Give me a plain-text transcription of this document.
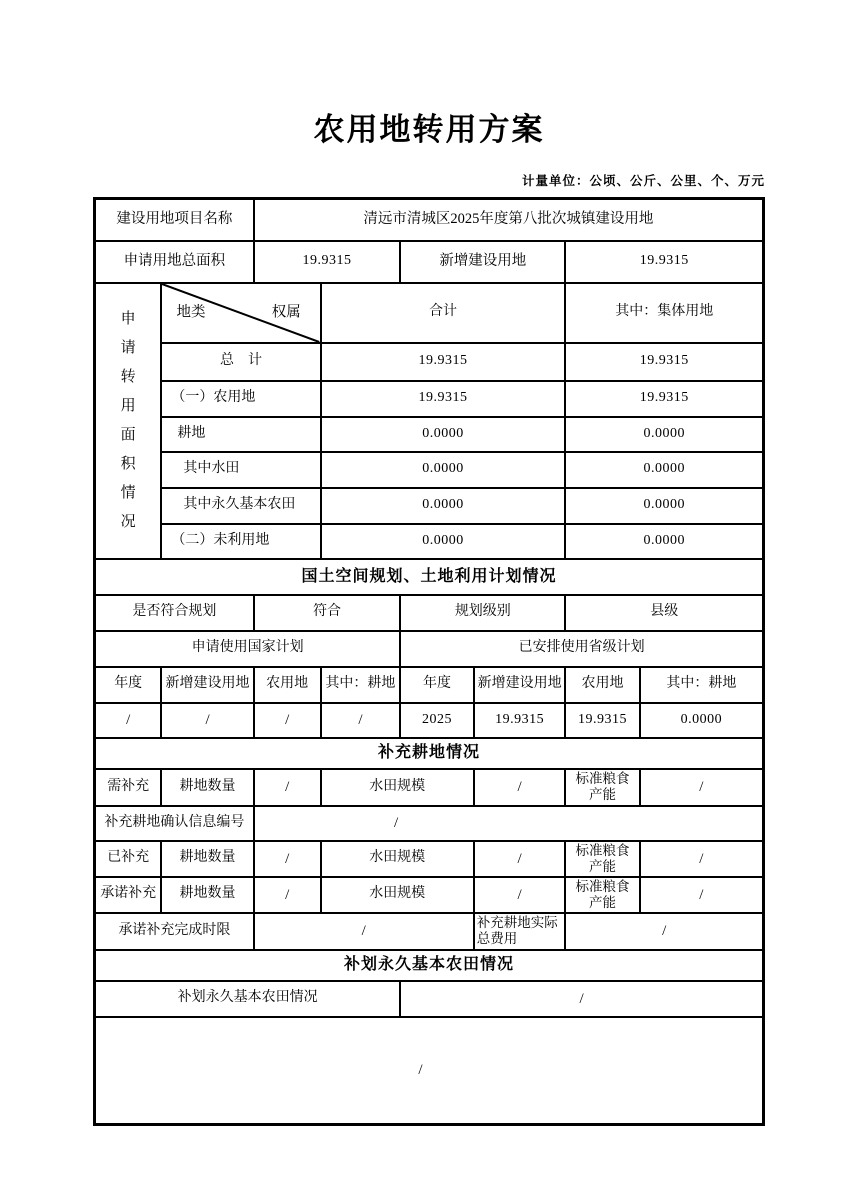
农用地转用方案
计量单位：公顷、公斤、公里、个、万元
建设用地项目名称		清远市清城区2025年度第八批次城镇建设用地					
申请用地总面积		19.9315		新增建设用地		19.9315	
申请转用面积情况	地类 权属		合计			其中：集体用地	
	总　计		19.9315			19.9315	
	（一）农用地		19.9315			19.9315	
	耕地		0.0000			0.0000	
	其中水田		0.0000			0.0000	
	其中永久基本农田		0.0000			0.0000	
	（二）未利用地		0.0000			0.0000	
国土空间规划、土地利用计划情况							
是否符合规划		符合		规划级别		县级	
申请使用国家计划				已安排使用省级计划			
年度	新增建设用地	农用地	其中：耕地	年度	新增建设用地	农用地	其中：耕地
/	/	/	/	2025	19.9315	19.9315	0.0000
补充耕地情况							
需补充	耕地数量	/	水田规模		/	标准粮食产能	/
补充耕地确认信息编号		/					
已补充	耕地数量	/	水田规模		/	标准粮食产能	/
承诺补充	耕地数量	/	水田规模		/	标准粮食产能	/
承诺补充完成时限		/			补充耕地实际总费用	/	
补划永久基本农田情况							
补划永久基本农田情况				/			
/							
